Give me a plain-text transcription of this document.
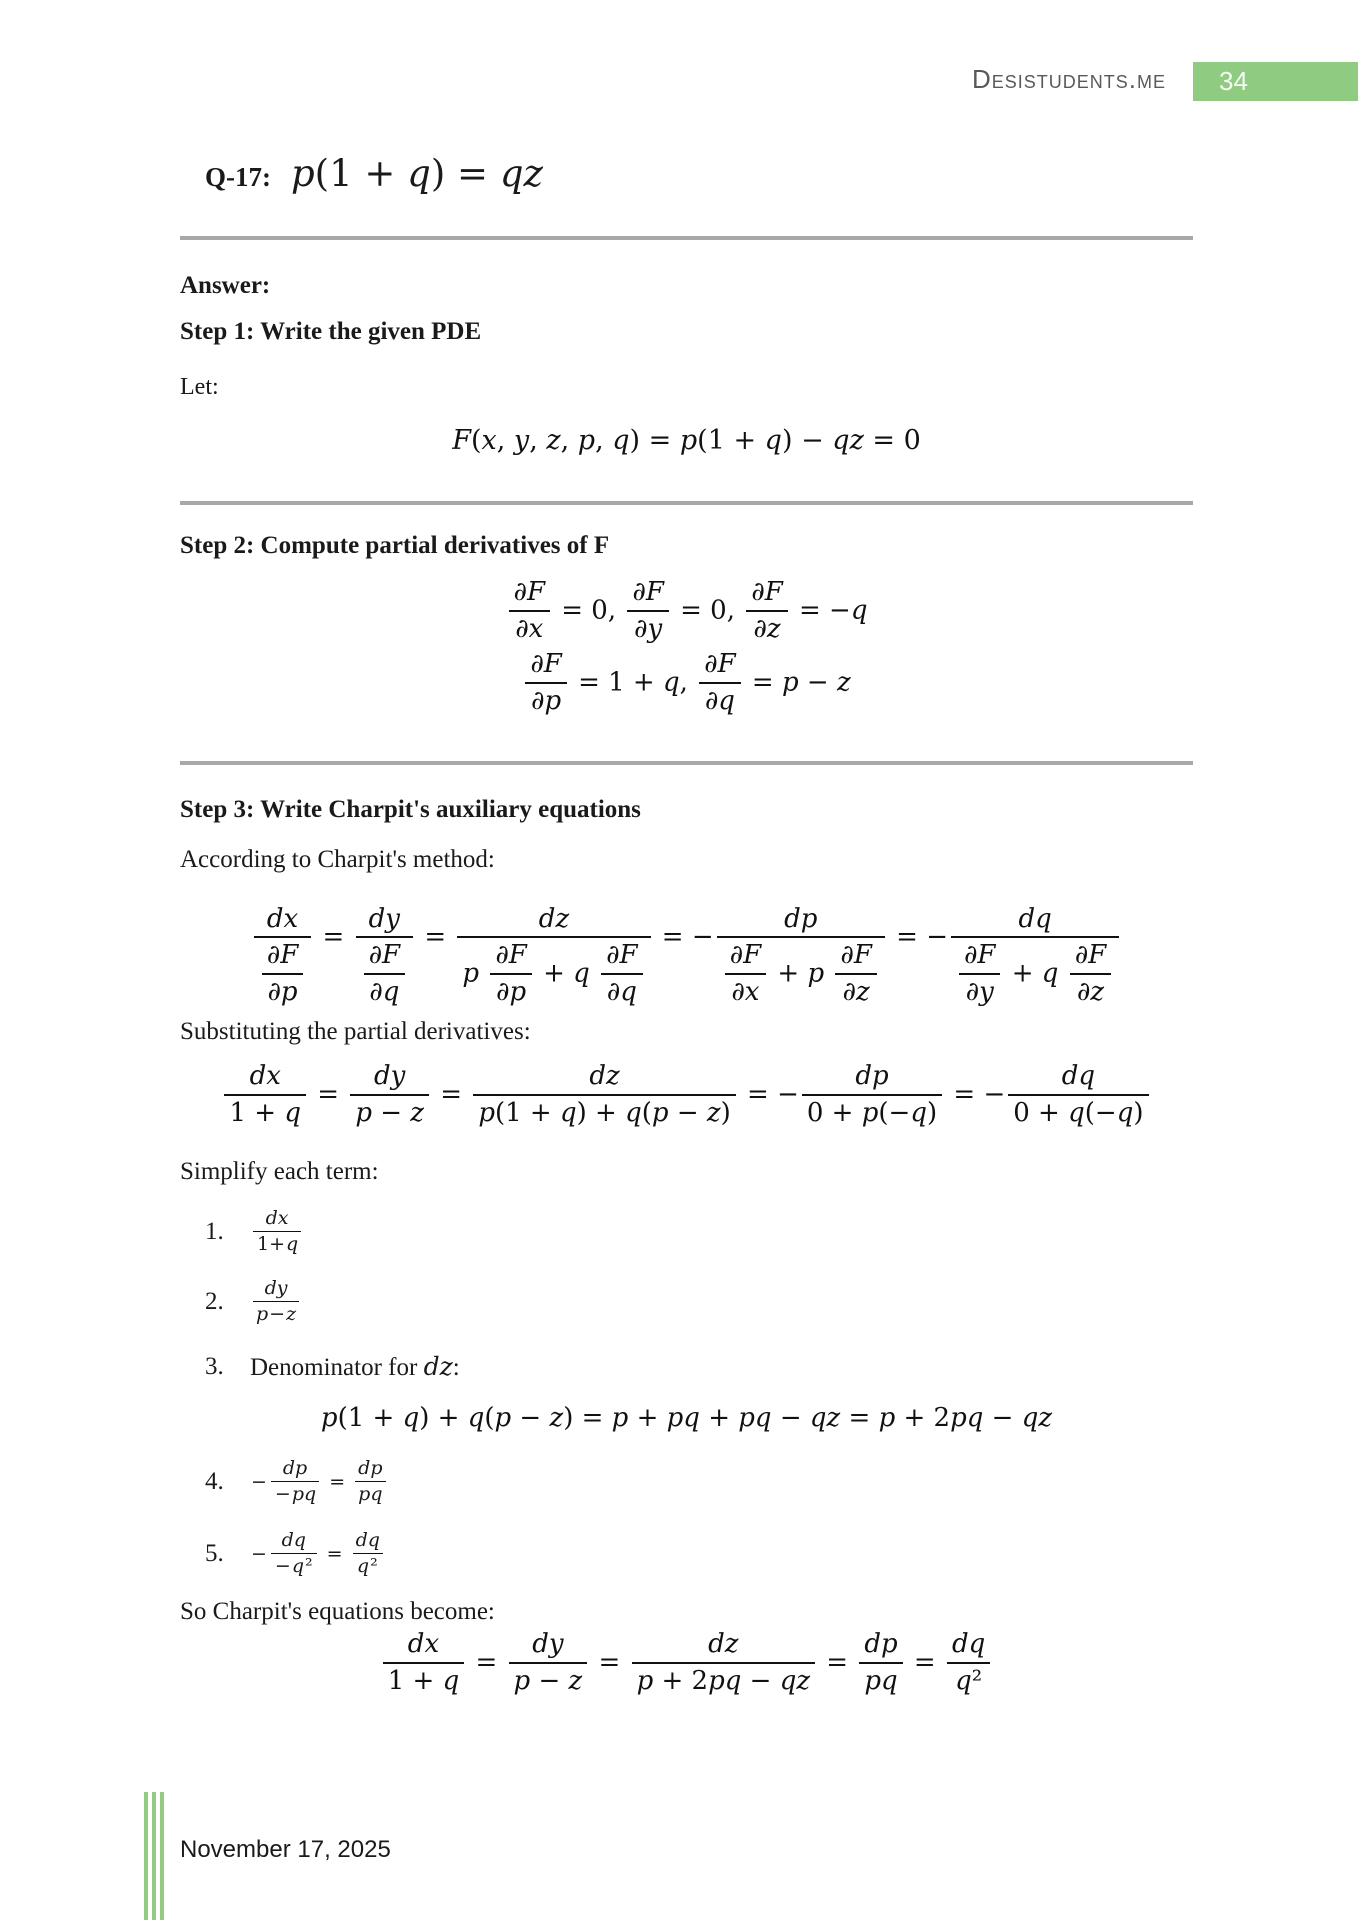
Desistudents.me	34
Q-17: p(1 + q) = qz
Answer:
Step 1: Write the given PDE
Let:
F(x, y, z, p, q) = p(1 + q) − qz = 0
Step 2: Compute partial derivatives of F
$\frac{\partial F}{\partial x} = 0$, $\frac{\partial F}{\partial y} = 0$, $\frac{\partial F}{\partial z} = -q$
$\frac{\partial F}{\partial p} = 1 + q$, $\frac{\partial F}{\partial q} = p - z$
Step 3: Write Charpit's auxiliary equations
According to Charpit's method:
$\frac{dx}{\frac{\partial F}{\partial p}} = \frac{dy}{\frac{\partial F}{\partial q}} = \frac{dz}{p \frac{\partial F}{\partial p} + q \frac{\partial F}{\partial q}}$ = − $\frac{dp}{\frac{\partial F}{\partial x} + p \frac{\partial F}{\partial z}}$ = − $\frac{dq}{\frac{\partial F}{\partial y} + q \frac{\partial F}{\partial z}}$
Substituting the partial derivatives:
$\frac{dx}{1 + q} = \frac{dy}{p - z} = \frac{dz}{p(1 + q) + q(p - z)}$ = − $\frac{dp}{0 + p(-q)}$ = − $\frac{dq}{0 + q(-q)}$
Simplify each term:
1.	$\frac{dx}{1+q}$
2.	$\frac{dy}{p-z}$
3.	Denominator for dz:
p(1 + q) + q(p − z) = p + pq + pq − qz = p + 2pq − qz
4.	− $\frac{dp}{-pq} = \frac{dp}{pq}$
5.	− $\frac{dq}{\text{−q²}} = \frac{dq}{\text{q²}}$
So Charpit's equations become:
$\frac{dx}{1 + q} = \frac{dy}{p - z} = \frac{dz}{p + 2pq - qz} = \frac{dp}{pq} = \frac{dq}{\text{q²}}$
November 17, 2025
